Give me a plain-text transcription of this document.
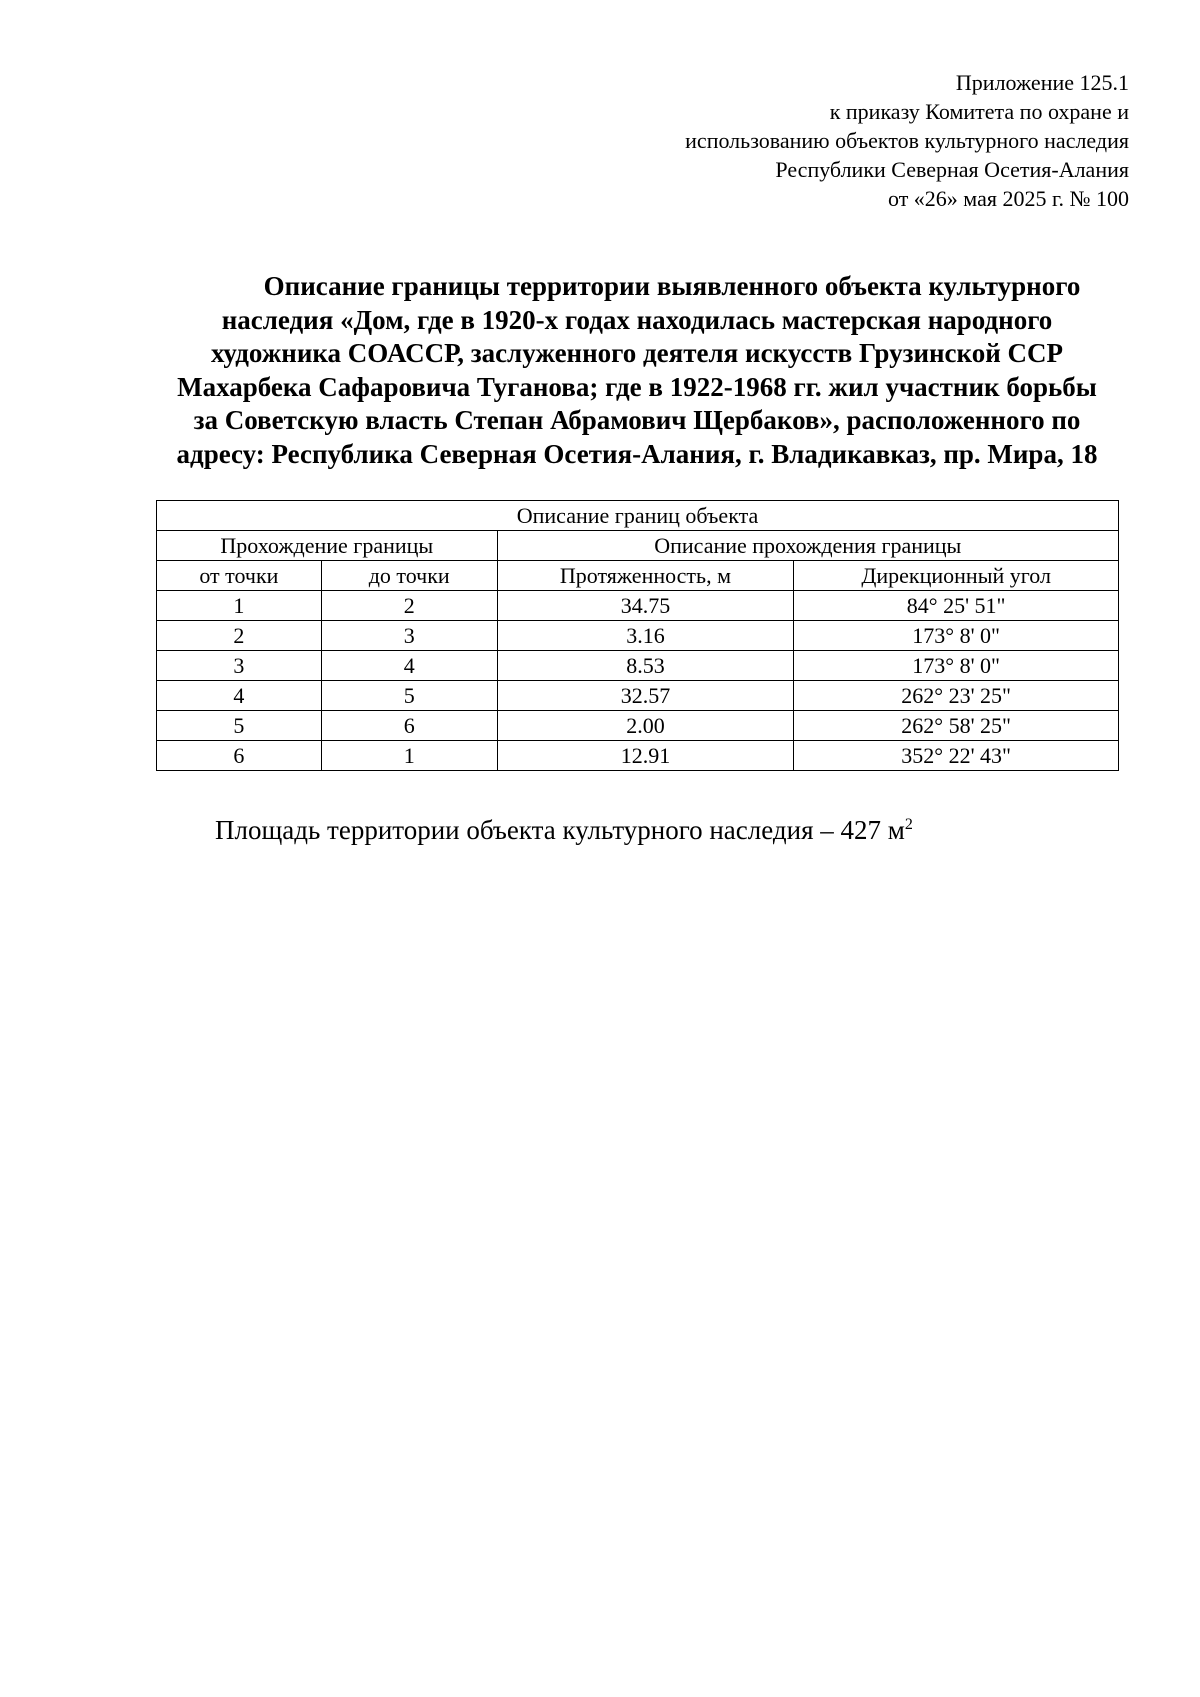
Приложение 125.1
к приказу Комитета по охране и
использованию объектов культурного наследия
Республики Северная Осетия-Алания
от «26» мая 2025 г. № 100
Описание границы территории выявленного объекта культурного
наследия «Дом, где в 1920-х годах находилась мастерская народного
художника СОАССР, заслуженного деятеля искусств Грузинской ССР
Махарбека Сафаровича Туганова; где в 1922-1968 гг. жил участник борьбы
за Советскую власть Степан Абрамович Щербаков», расположенного по
адресу: Республика Северная Осетия-Алания, г. Владикавказ, пр. Мира, 18
Описание границ объекта			
Прохождение границы		Описание прохождения границы	
от точки	до точки	Протяженность, м	Дирекционный угол
1	2	34.75	84° 25' 51"
2	3	3.16	173° 8' 0"
3	4	8.53	173° 8' 0"
4	5	32.57	262° 23' 25"
5	6	2.00	262° 58' 25"
6	1	12.91	352° 22' 43"
Площадь территории объекта культурного наследия – 427 $м^2$
